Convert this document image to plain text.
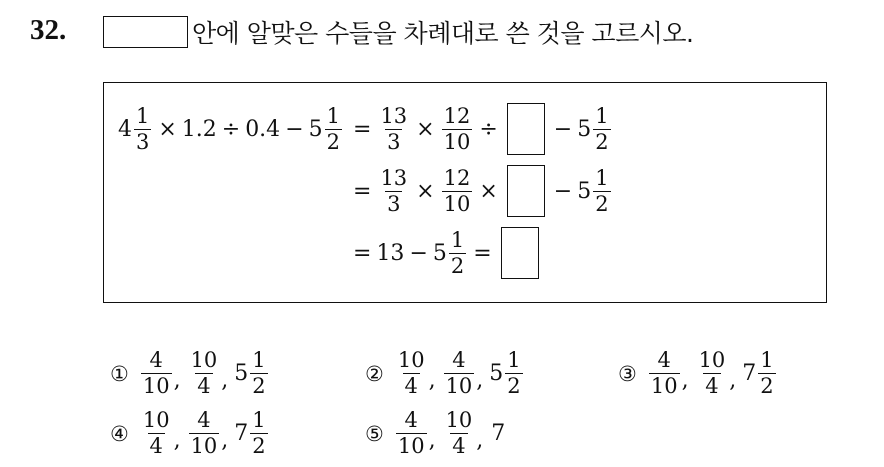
32.	안에 알맞은 수들을 차례대로 쓴 것을 고르시오.
$4 \frac{1}{3} \times 1.2 \div 0.4 - 5 \frac{1}{2} = \frac{13}{3} \times \frac{12}{10}$ ÷	− $5 \frac{1}{2}$
= $\frac{13}{3} \times \frac{12}{10}$ ×	− $5 \frac{1}{2}$
= $13 - 5 \frac{1}{2}$ =
① $\frac{4}{10}$ , $\frac{10}{4}$ , $5 \frac{1}{2}$	② $\frac{10}{4}$ , $\frac{4}{10}$ , $5 \frac{1}{2}$	③ $\frac{4}{10}$ , $\frac{10}{4}$ , $7 \frac{1}{2}$
④ $\frac{10}{4}$ , $\frac{4}{10}$ , $7 \frac{1}{2}$	⑤ $\frac{4}{10}$ , $\frac{10}{4}$ , 7
